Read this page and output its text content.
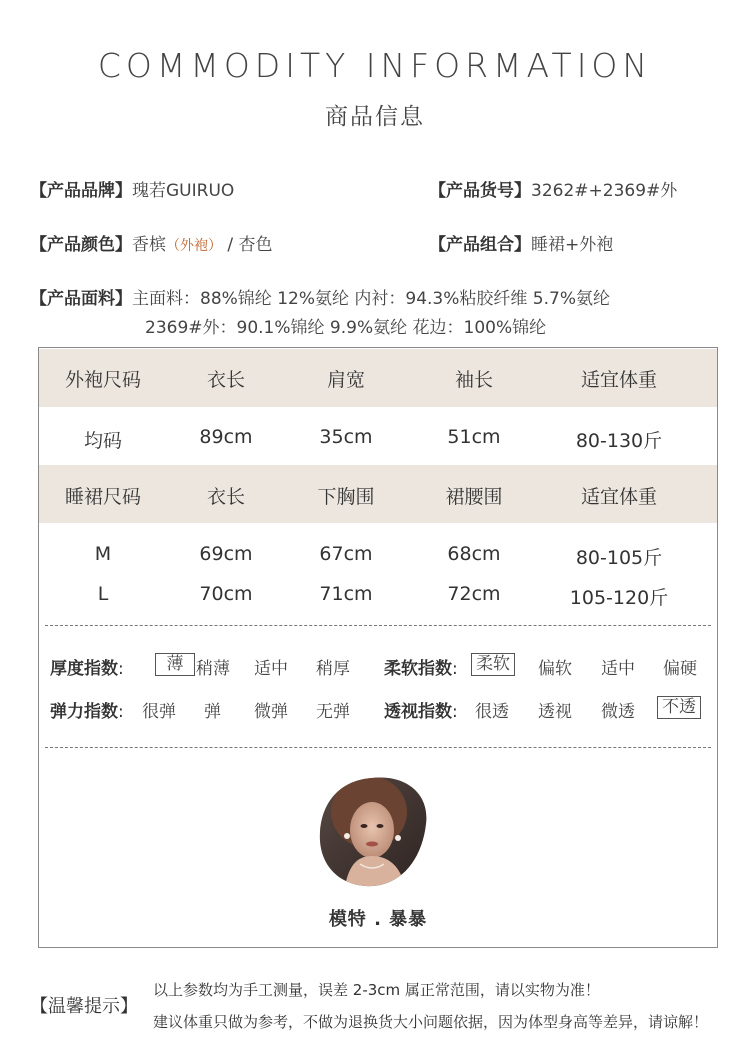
COMMODITY INFORMATION
商品信息
【产品品牌】瑰若GUIRUO	【产品货号】3262#+2369#外
【产品颜色】香槟（外袍） / 杏色	【产品组合】睡裙+外袍
【产品面料】主面料：88%锦纶 12%氨纶 内衬：94.3%粘胶纤维 5.7%氨纶
2369#外：90.1%锦纶 9.9%氨纶 花边：100%锦纶
外袍尺码	衣长	肩宽	袖长	适宜体重
均码	89cm	35cm	51cm	80-130斤
睡裙尺码	衣长	下胸围	裙腰围	适宜体重
M	69cm	67cm	68cm	80-105斤
L	70cm	71cm	72cm	105-120斤
厚度指数:	薄 稍薄 适中 稍厚 柔软指数: 柔软 偏软 适中 偏硬
弹力指数: 很弹 弹 微弹 无弹 透视指数: 很透 透视 微透 不透
模特 . 暴暴
【温馨提示】
以上参数均为手工测量，误差 2-3cm 属正常范围，请以实物为准！
建议体重只做为参考，不做为退换货大小问题依据，因为体型身高等差异，请谅解！
